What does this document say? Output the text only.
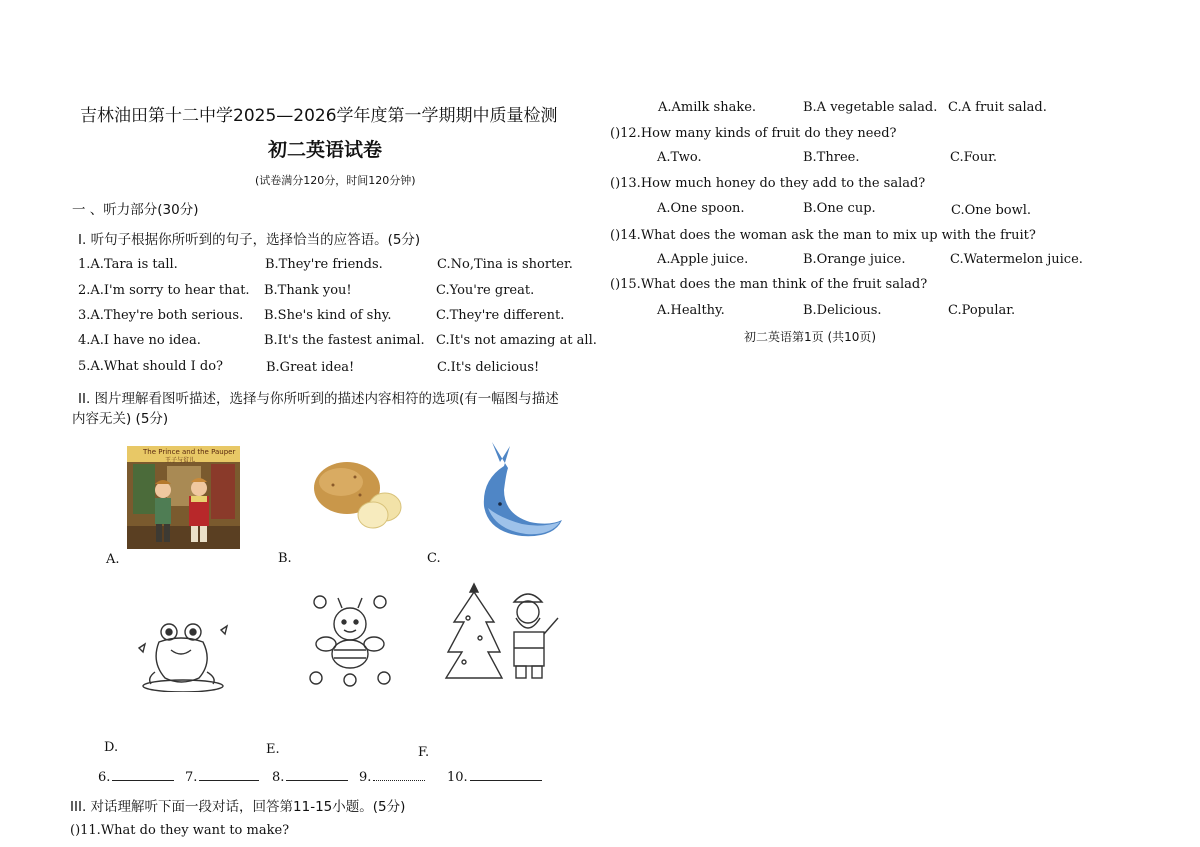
吉林油田第十二中学2025—2026学年度第一学期期中质量检测
初二英语试卷
(试卷满分120分，时间120分钟)
一 、听力部分(30分)
I. 听句子根据你所听到的句子，选择恰当的应答语。(5分)
1.A.Tara is tall.	B.They're friends.	C.No,Tina is shorter.
2.A.I'm sorry to hear that. B.Thank you!	C.You're great.
3.A.They're both serious. B.She's kind of shy.	C.They're different.
4.A.I have no idea.	B.It's the fastest animal. C.It's not amazing at all.
5.A.What should I do?	B.Great idea!	C.It's delicious!
II. 图片理解看图听描述，选择与你所听到的描述内容相符的选项(有一幅图与描述
内容无关) (5分)
The Prince and the Pauper
王子与贫儿
A.	B.	C.
D.	E.	F.
6.	7.	8.	9.	10.
III. 对话理解听下面一段对话，回答第11-15小题。(5分)
()11.What do they want to make?
A.Amilk shake.	B.A vegetable salad. C.A fruit salad.
()12.How many kinds of fruit do they need?
A.Two.	B.Three.	C.Four.
()13.How much honey do they add to the salad?
A.One spoon.	B.One cup.	C.One bowl.
()14.What does the woman ask the man to mix up with the fruit?
A.Apple juice.	B.Orange juice.	C.Watermelon juice.
()15.What does the man think of the fruit salad?
A.Healthy.	B.Delicious.	C.Popular.
初二英语第1页 (共10页)
